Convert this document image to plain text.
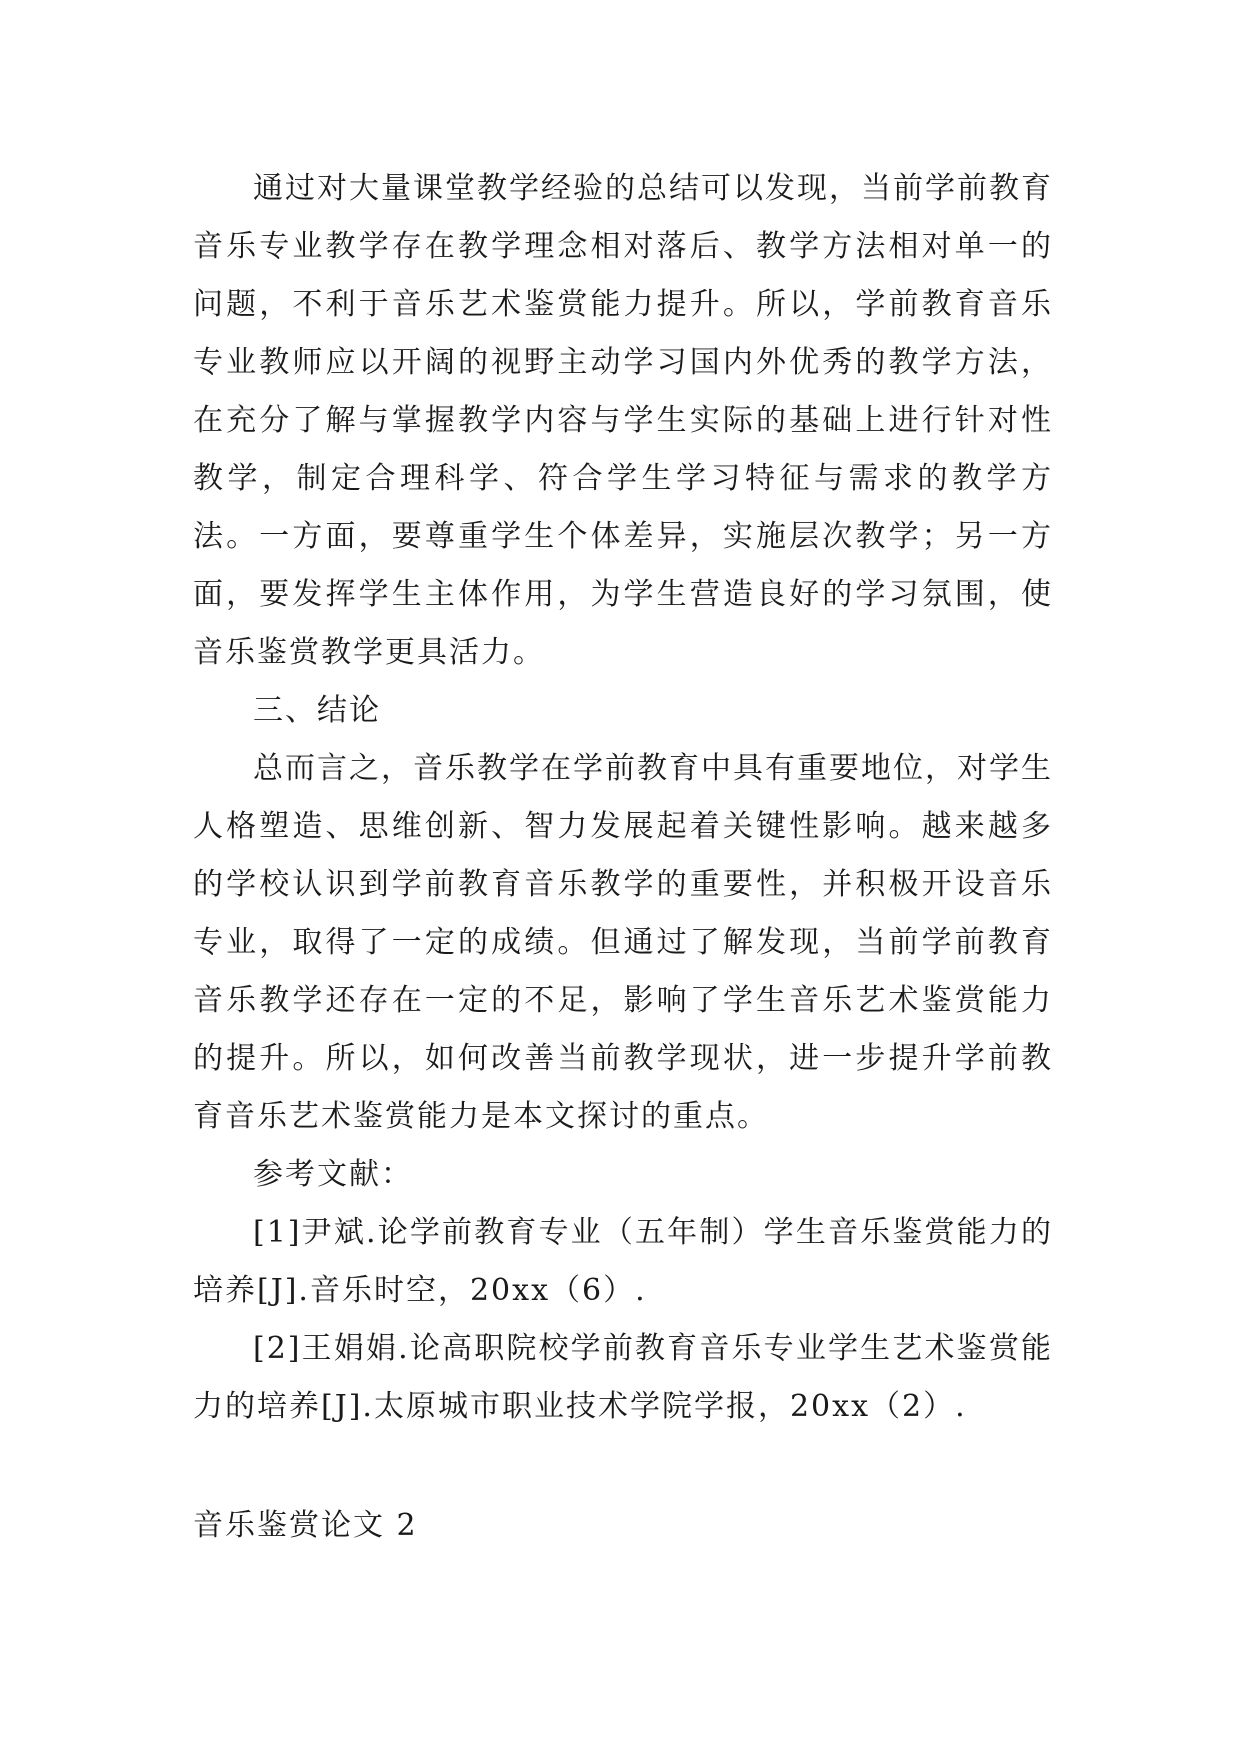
通过对大量课堂教学经验的总结可以发现，当前学前教育音乐专业教学存在教学理念相对落后、教学方法相对单一的问题，不利于音乐艺术鉴赏能力提升。所以，学前教育音乐专业教师应以开阔的视野主动学习国内外优秀的教学方法，在充分了解与掌握教学内容与学生实际的基础上进行针对性教学，制定合理科学、符合学生学习特征与需求的教学方法。一方面，要尊重学生个体差异，实施层次教学；另一方面，要发挥学生主体作用，为学生营造良好的学习氛围，使音乐鉴赏教学更具活力。

三、结论

总而言之，音乐教学在学前教育中具有重要地位，对学生人格塑造、思维创新、智力发展起着关键性影响。越来越多的学校认识到学前教育音乐教学的重要性，并积极开设音乐专业，取得了一定的成绩。但通过了解发现，当前学前教育音乐教学还存在一定的不足，影响了学生音乐艺术鉴赏能力的提升。所以，如何改善当前教学现状，进一步提升学前教育音乐艺术鉴赏能力是本文探讨的重点。

参考文献：

[1]尹斌.论学前教育专业（五年制）学生音乐鉴赏能力的培养[J].音乐时空，20xx（6）.

[2]王娟娟.论高职院校学前教育音乐专业学生艺术鉴赏能力的培养[J].太原城市职业技术学院学报，20xx（2）.

音乐鉴赏论文 2
